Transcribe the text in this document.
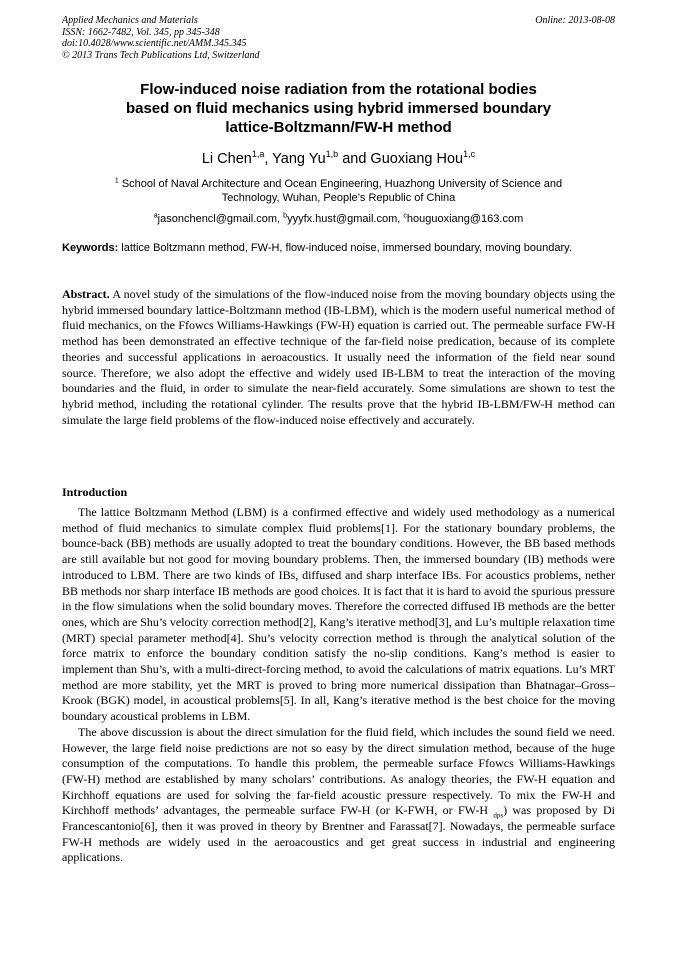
Applied Mechanics and Materials
ISSN: 1662-7482, Vol. 345, pp 345-348
doi:10.4028/www.scientific.net/AMM.345.345
© 2013 Trans Tech Publications Ltd, Switzerland
Online: 2013-08-08
Flow-induced noise radiation from the rotational bodies
based on fluid mechanics using hybrid immersed boundary
lattice-Boltzmann/FW-H method
Li Chen$^{1,a}$, Yang Yu$^{1,b}$ and Guoxiang Hou$^{1,c}$
$^1$ School of Naval Architecture and Ocean Engineering, Huazhong University of Science and
Technology, Wuhan, People’s Republic of China
$^a$jasonchencl@gmail.com, $^b$yyyfx.hust@gmail.com, $^c$houguoxiang@163.com
Keywords: lattice Boltzmann method, FW-H, flow-induced noise, immersed boundary, moving boundary.
Abstract. A novel study of the simulations of the flow-induced noise from the moving boundary objects using the hybrid immersed boundary lattice-Boltzmann method (IB-LBM), which is the modern useful numerical method of fluid mechanics, on the Ffowcs Williams-Hawkings (FW-H) equation is carried out. The permeable surface FW-H method has been demonstrated an effective technique of the far-field noise predication, because of its complete theories and successful applications in aeroacoustics. It usually need the information of the field near sound source. Therefore, we also adopt the effective and widely used IB-LBM to treat the interaction of the moving boundaries and the fluid, in order to simulate the near-field accurately. Some simulations are shown to test the hybrid method, including the rotational cylinder. The results prove that the hybrid IB-LBM/FW-H method can simulate the large field problems of the flow-induced noise effectively and accurately.
Introduction

The lattice Boltzmann Method (LBM) is a confirmed effective and widely used methodology as a numerical method of fluid mechanics to simulate complex fluid problems[1]. For the stationary boundary problems, the bounce-back (BB) methods are usually adopted to treat the boundary conditions. However, the BB based methods are still available but not good for moving boundary problems. Then, the immersed boundary (IB) methods were introduced to LBM. There are two kinds of IBs, diffused and sharp interface IBs. For acoustics problems, nether BB methods nor sharp interface IB methods are good choices. It is fact that it is hard to avoid the spurious pressure in the flow simulations when the solid boundary moves. Therefore the corrected diffused IB methods are the better ones, which are Shu’s velocity correction method[2], Kang’s iterative method[3], and Lu’s multiple relaxation time (MRT) special parameter method[4]. Shu’s velocity correction method is through the analytical solution of the force matrix to enforce the boundary condition satisfy the no-slip conditions. Kang’s method is easier to implement than Shu’s, with a multi-direct-forcing method, to avoid the calculations of matrix equations. Lu’s MRT method are more stability, yet the MRT is proved to bring more numerical dissipation than Bhatnagar–Gross–Krook (BGK) model, in acoustical problems[5]. In all, Kang’s iterative method is the best choice for the moving boundary acoustical problems in LBM.

The above discussion is about the direct simulation for the fluid field, which includes the sound field we need. However, the large field noise predictions are not so easy by the direct simulation method, because of the huge consumption of the computations. To handle this problem, the permeable surface Ffowcs Williams-Hawkings (FW-H) method are established by many scholars’ contributions. As analogy theories, the FW-H equation and Kirchhoff equations are used for solving the far-field acoustic pressure respectively. To mix the FW-H and Kirchhoff methods’ advantages, the permeable surface FW-H (or K-FWH, or FW-H $_{dps}$) was proposed by Di Francescantonio[6], then it was proved in theory by Brentner and Farassat[7]. Nowadays, the permeable surface FW-H methods are widely used in the aeroacoustics and get great success in industrial and engineering applications.
